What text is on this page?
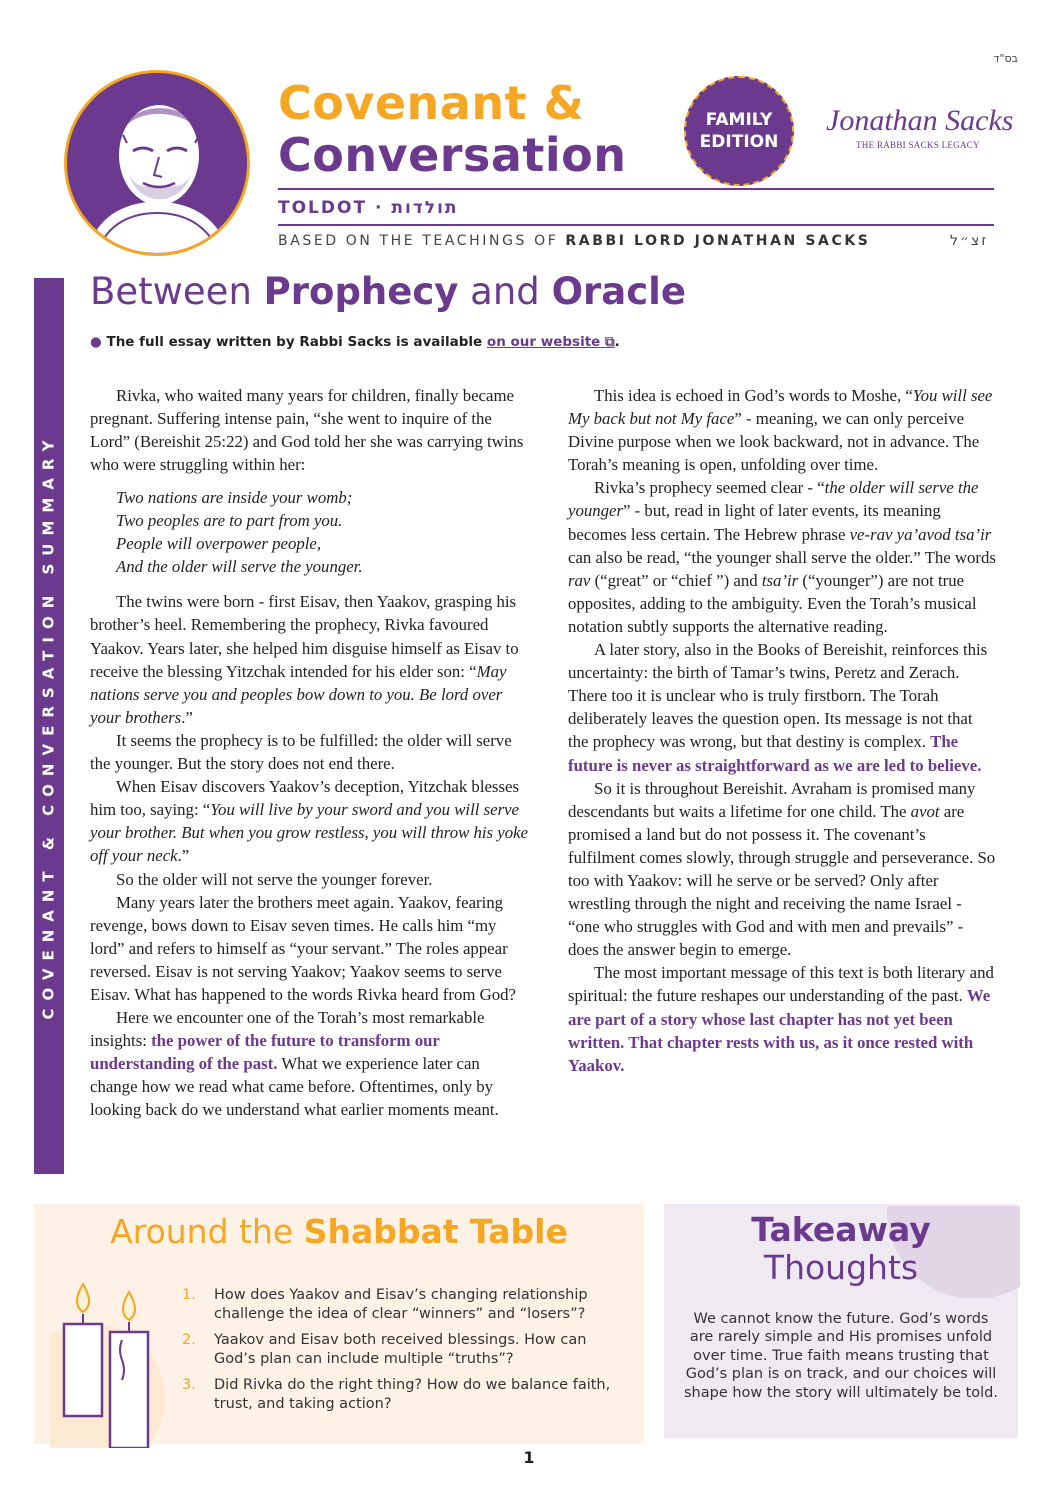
בס"ד
Covenant &
Conversation
FAMILY
EDITION
Jonathan Sacks
THE RABBI SACKS LEGACY
TOLDOT · תולדות
BASED ON THE TEACHINGS OF RABBI LORD JONATHAN SACKS	זצ״ל
COVENANT & CONVERSATION SUMMARY
Between Prophecy and Oracle
● The full essay written by Rabbi Sacks is available on our website ⧉.

Rivka, who waited many years for children, finally became pregnant. Suffering intense pain, “she went to inquire of the Lord” (Bereishit 25:22) and God told her she was carrying twins who were struggling within her:

Two nations are inside your womb;
Two peoples are to part from you.
People will overpower people,
And the older will serve the younger.

The twins were born - first Eisav, then Yaakov, grasping his brother’s heel. Remembering the prophecy, Rivka favoured Yaakov. Years later, she helped him disguise himself as Eisav to receive the blessing Yitzchak intended for his elder son: “May nations serve you and peoples bow down to you. Be lord over your brothers.”

It seems the prophecy is to be fulfilled: the older will serve the younger. But the story does not end there.

When Eisav discovers Yaakov’s deception, Yitzchak blesses him too, saying: “You will live by your sword and you will serve your brother. But when you grow restless, you will throw his yoke off your neck.”

So the older will not serve the younger forever.

Many years later the brothers meet again. Yaakov, fearing revenge, bows down to Eisav seven times. He calls him “my lord” and refers to himself as “your servant.” The roles appear reversed. Eisav is not serving Yaakov; Yaakov seems to serve Eisav. What has happened to the words Rivka heard from God?

Here we encounter one of the Torah’s most remarkable insights: the power of the future to transform our understanding of the past. What we experience later can change how we read what came before. Oftentimes, only by looking back do we understand what earlier moments meant.

This idea is echoed in God’s words to Moshe, “You will see My back but not My face” - meaning, we can only perceive Divine purpose when we look backward, not in advance. The Torah’s meaning is open, unfolding over time.

Rivka’s prophecy seemed clear - “the older will serve the younger” - but, read in light of later events, its meaning becomes less certain. The Hebrew phrase ve-rav ya’avod tsa’ir can also be read, “the younger shall serve the older.” The words rav (“great” or “chief ”) and tsa’ir (“younger”) are not true opposites, adding to the ambiguity. Even the Torah’s musical notation subtly supports the alternative reading.

A later story, also in the Books of Bereishit, reinforces this uncertainty: the birth of Tamar’s twins, Peretz and Zerach. There too it is unclear who is truly firstborn. The Torah deliberately leaves the question open. Its message is not that the prophecy was wrong, but that destiny is complex. The future is never as straightforward as we are led to believe.

So it is throughout Bereishit. Avraham is promised many descendants but waits a lifetime for one child. The avot are promised a land but do not possess it. The covenant’s fulfilment comes slowly, through struggle and perseverance. So too with Yaakov: will he serve or be served? Only after wrestling through the night and receiving the name Israel - “one who struggles with God and with men and prevails” - does the answer begin to emerge.

The most important message of this text is both literary and spiritual: the future reshapes our understanding of the past. We are part of a story whose last chapter has not yet been written. That chapter rests with us, as it once rested with Yaakov.

Around the Shabbat Table
1.	How does Yaakov and Eisav’s changing relationship challenge the idea of clear “winners” and “losers”?
2.	Yaakov and Eisav both received blessings. How can God’s plan can include multiple “truths”?
3.	Did Rivka do the right thing? How do we balance faith, trust, and taking action?
Takeaway
Thoughts
We cannot know the future. God’s words are rarely simple and His promises unfold over time. True faith means trusting that God’s plan is on track, and our choices will shape how the story will ultimately be told.
1
